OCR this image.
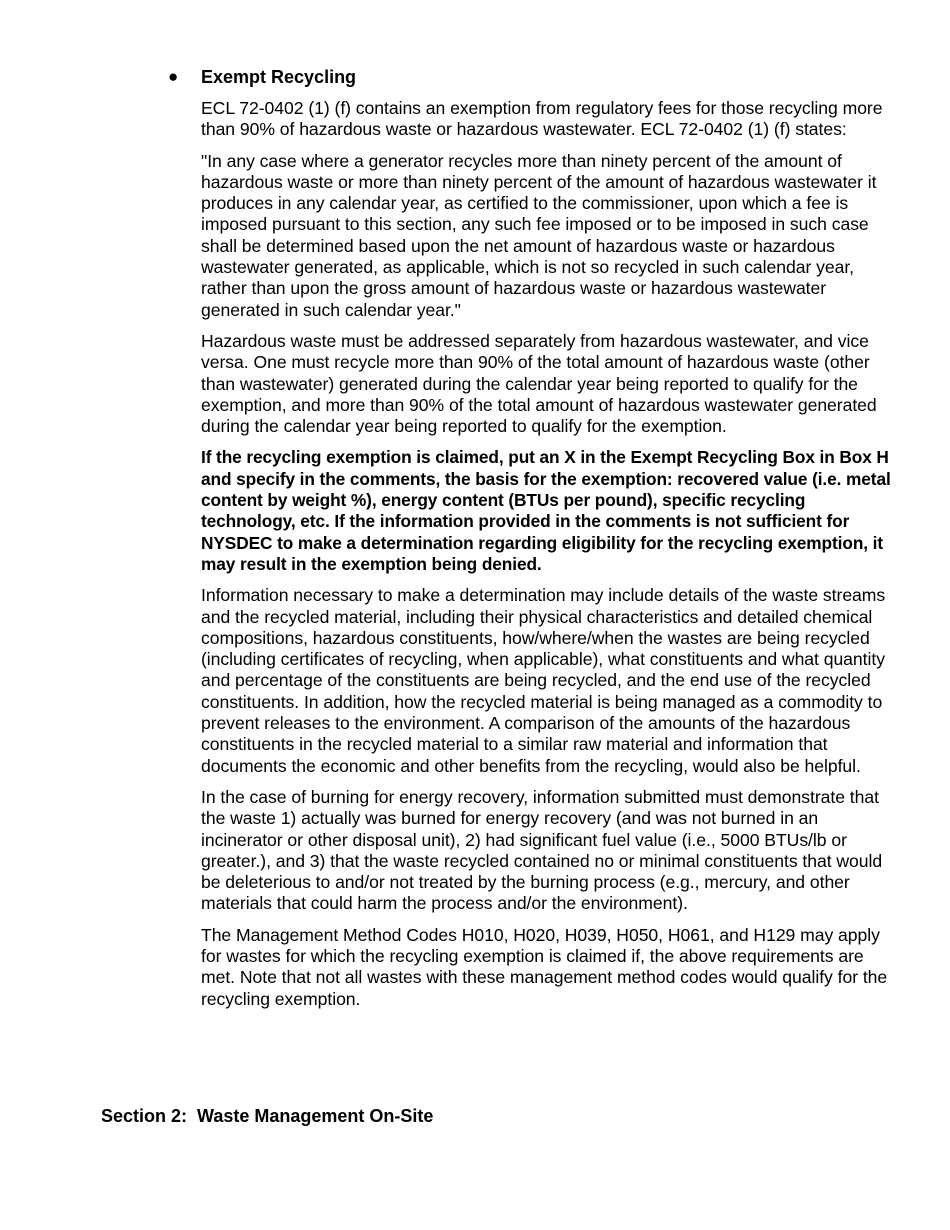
● Exempt Recycling

ECL 72-0402 (1) (f) contains an exemption from regulatory fees for those recycling more than 90% of hazardous waste or hazardous wastewater. ECL 72-0402 (1) (f) states:

"In any case where a generator recycles more than ninety percent of the amount of hazardous waste or more than ninety percent of the amount of hazardous wastewater it produces in any calendar year, as certified to the commissioner, upon which a fee is imposed pursuant to this section, any such fee imposed or to be imposed in such case shall be determined based upon the net amount of hazardous waste or hazardous wastewater generated, as applicable, which is not so recycled in such calendar year, rather than upon the gross amount of hazardous waste or hazardous wastewater generated in such calendar year."

Hazardous waste must be addressed separately from hazardous wastewater, and vice versa. One must recycle more than 90% of the total amount of hazardous waste (other than wastewater) generated during the calendar year being reported to qualify for the exemption, and more than 90% of the total amount of hazardous wastewater generated during the calendar year being reported to qualify for the exemption.

If the recycling exemption is claimed, put an X in the Exempt Recycling Box in Box H and specify in the comments, the basis for the exemption: recovered value (i.e. metal content by weight %), energy content (BTUs per pound), specific recycling technology, etc. If the information provided in the comments is not sufficient for NYSDEC to make a determination regarding eligibility for the recycling exemption, it may result in the exemption being denied.

Information necessary to make a determination may include details of the waste streams and the recycled material, including their physical characteristics and detailed chemical compositions, hazardous constituents, how/where/when the wastes are being recycled (including certificates of recycling, when applicable), what constituents and what quantity and percentage of the constituents are being recycled, and the end use of the recycled constituents. In addition, how the recycled material is being managed as a commodity to prevent releases to the environment. A comparison of the amounts of the hazardous constituents in the recycled material to a similar raw material and information that documents the economic and other benefits from the recycling, would also be helpful.

In the case of burning for energy recovery, information submitted must demonstrate that the waste 1) actually was burned for energy recovery (and was not burned in an incinerator or other disposal unit), 2) had significant fuel value (i.e., 5000 BTUs/lb or greater.), and 3) that the waste recycled contained no or minimal constituents that would be deleterious to and/or not treated by the burning process (e.g., mercury, and other materials that could harm the process and/or the environment).

The Management Method Codes H010, H020, H039, H050, H061, and H129 may apply for wastes for which the recycling exemption is claimed if, the above requirements are met. Note that not all wastes with these management method codes would qualify for the recycling exemption.

Section 2:  Waste Management On-Site
